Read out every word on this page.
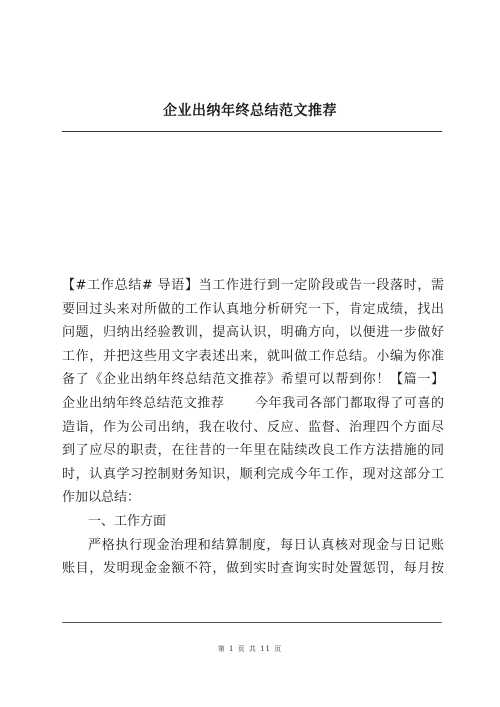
企业出纳年终总结范文推荐
【#工作总结# 导语】当工作进行到一定阶段或告一段落时，需
要回过头来对所做的工作认真地分析研究一下，肯定成绩，找出
问题，归纳出经验教训，提高认识，明确方向，以便进一步做好
工作，并把这些用文字表述出来，就叫做工作总结。小编为你准
备了《企业出纳年终总结范文推荐》希望可以帮到你！【篇一】
企业出纳年终总结范文推荐 今年我司各部门都取得了可喜的
造诣，作为公司出纳，我在收付、反应、监督、治理四个方面尽
到了应尽的职责，在往昔的一年里在陆续改良工作方法措施的同
时，认真学习控制财务知识，顺利完成今年工作，现对这部分工
作加以总结：
一、工作方面
严格执行现金治理和结算制度，每日认真核对现金与日记账
账目，发明现金金额不符，做到实时查询实时处置惩罚，每月按
第 1 页 共 11 页
